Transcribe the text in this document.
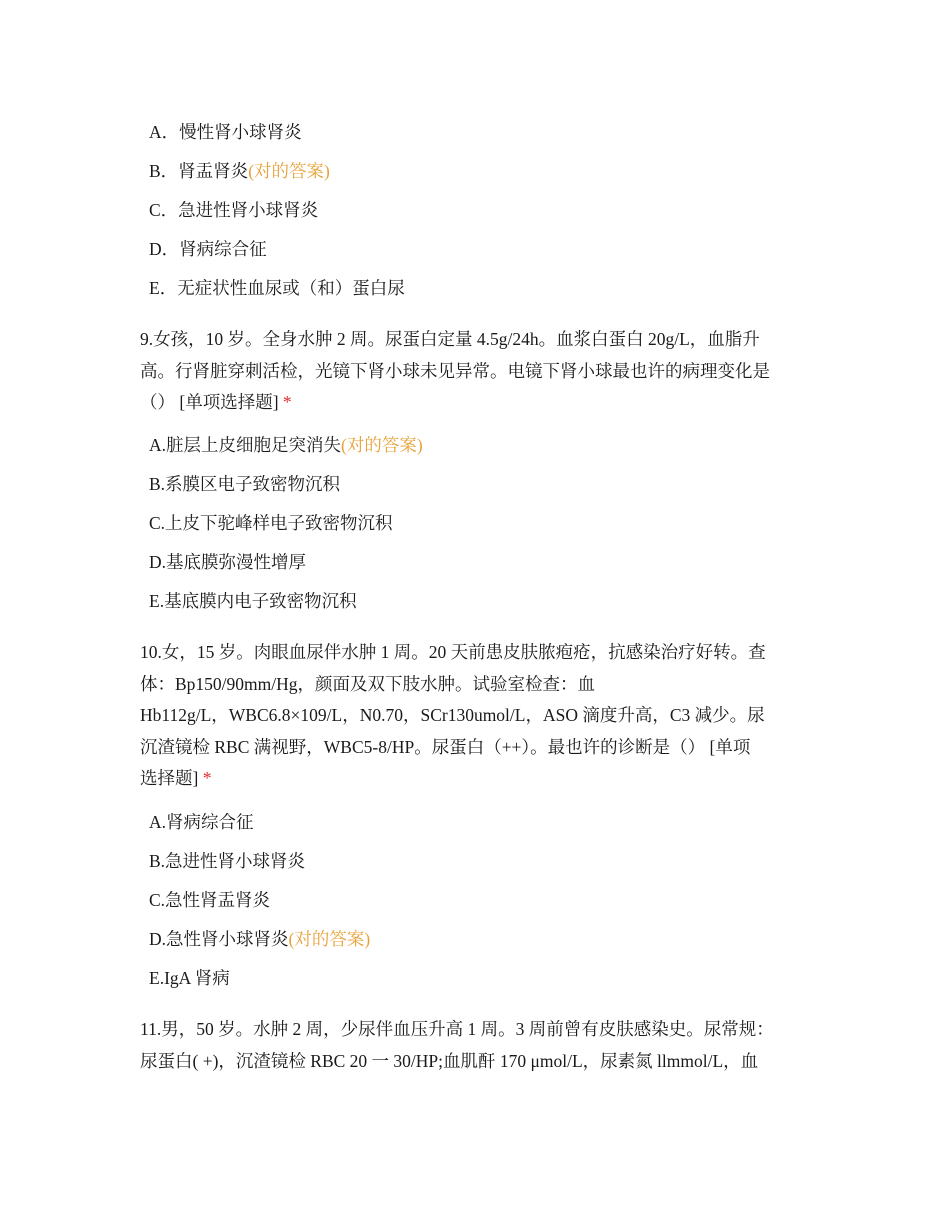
A．慢性肾小球肾炎
B．肾盂肾炎(对的答案)
C．急进性肾小球肾炎
D．肾病综合征
E．无症状性血尿或（和）蛋白尿
9.女孩，10 岁。全身水肿 2 周。尿蛋白定量 4.5g/24h。血浆白蛋白 20g/L，血脂升
高。行肾脏穿刺活检，光镜下肾小球未见异常。电镜下肾小球最也许的病理变化是
（） [单项选择题] *
A.脏层上皮细胞足突消失(对的答案)
B.系膜区电子致密物沉积
C.上皮下驼峰样电子致密物沉积
D.基底膜弥漫性增厚
E.基底膜内电子致密物沉积
10.女，15 岁。肉眼血尿伴水肿 1 周。20 天前患皮肤脓疱疮，抗感染治疗好转。查
体：Bp150/90mm/Hg，颜面及双下肢水肿。试验室检查：血
Hb112g/L，WBC6.8×109/L，N0.70，SCr130umol/L，ASO 滴度升高，C3 减少。尿
沉渣镜检 RBC 满视野，WBC5-8/HP。尿蛋白（++）。最也许的诊断是（） [单项
选择题] *
A.肾病综合征
B.急进性肾小球肾炎
C.急性肾盂肾炎
D.急性肾小球肾炎(对的答案)
E.IgA 肾病
11.男，50 岁。水肿 2 周，少尿伴血压升高 1 周。3 周前曾有皮肤感染史。尿常规：
尿蛋白( +)，沉渣镜检 RBC 20 一 30/HP;血肌酐 170 μmol/L，尿素氮 llmmol/L，血
